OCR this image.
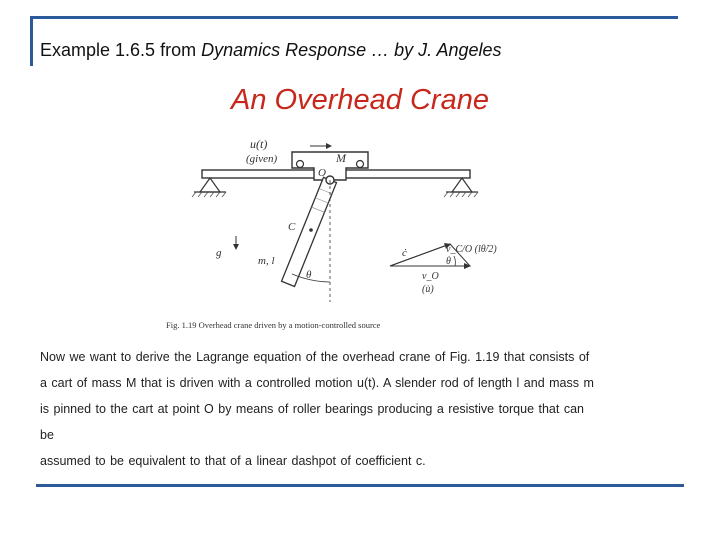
Example 1.6.5 from Dynamics Response … by J. Angeles
An Overhead Crane
u(t)
(given)	M
O
C
g
m, l
θ
ċ	v_C/O (lθ̇/2)
θ
v_O
(u̇)
Fig. 1.19 Overhead crane driven by a motion-controlled source
Now we want to derive the Lagrange equation of the overhead crane of Fig. 1.19 that consists of
a cart of mass M that is driven with a controlled motion u(t). A slender rod of length l and mass m
is pinned to the cart at point O by means of roller bearings producing a resistive torque that can
be
assumed to be equivalent to that of a linear dashpot of coefficient c.
